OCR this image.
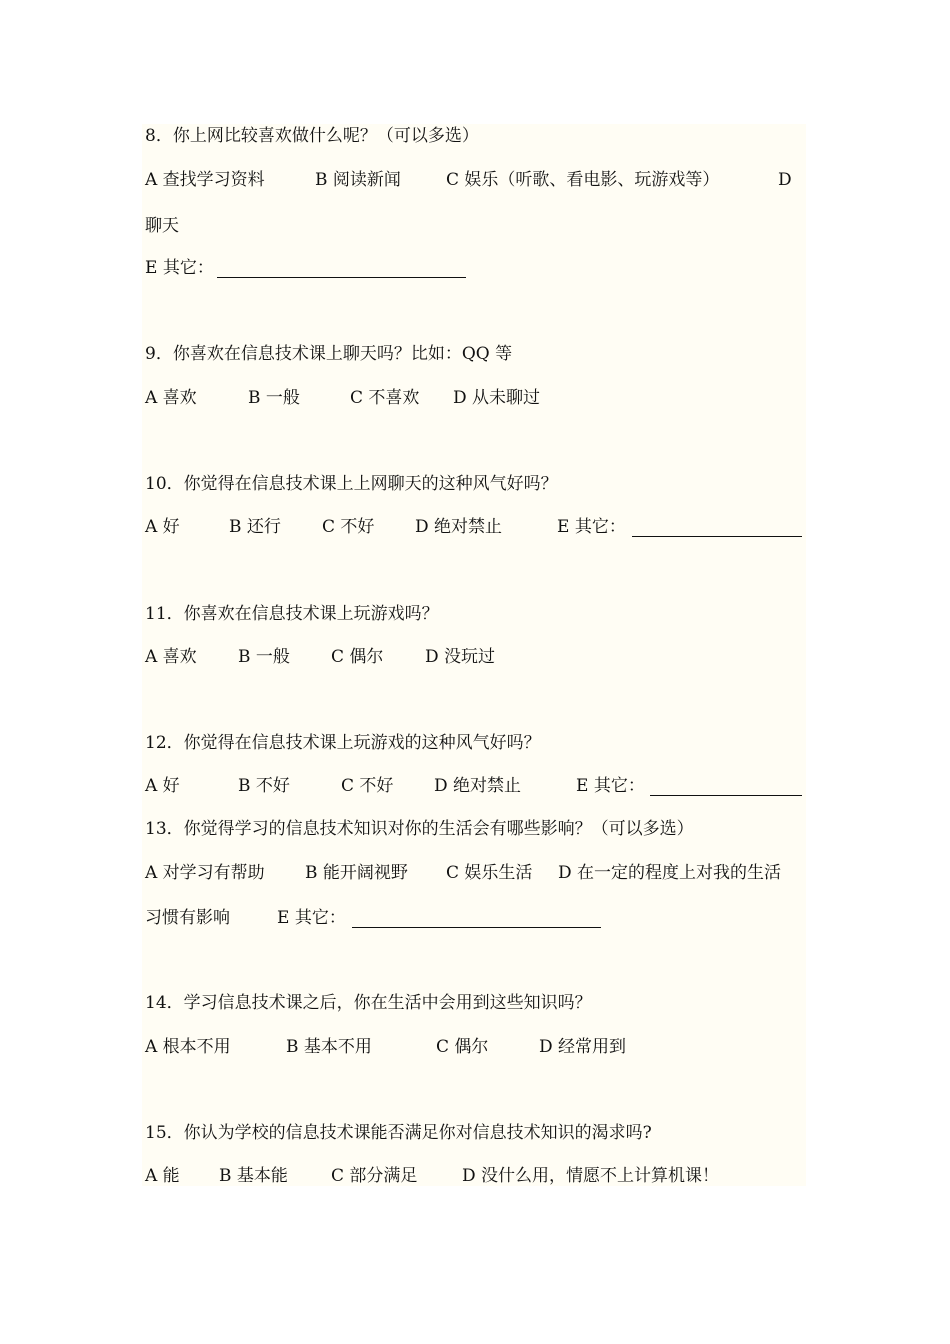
8．你上网比较喜欢做什么呢？（可以多选）
A 查找学习资料	B 阅读新闻	C 娱乐（听歌、看电影、玩游戏等）	D
聊天
E 其它：
9．你喜欢在信息技术课上聊天吗？比如：QQ 等
A 喜欢	B 一般	C 不喜欢 D 从未聊过
10．你觉得在信息技术课上上网聊天的这种风气好吗？
A 好	B 还行 C 不好 D 绝对禁止	E 其它：
11．你喜欢在信息技术课上玩游戏吗？
A 喜欢 B 一般 C 偶尔 D 没玩过
12．你觉得在信息技术课上玩游戏的这种风气好吗？
A 好	B 不好	C 不好 D 绝对禁止	E 其它：
13．你觉得学习的信息技术知识对你的生活会有哪些影响？（可以多选）
A 对学习有帮助 B 能开阔视野 C 娱乐生活 D 在一定的程度上对我的生活
习惯有影响	E 其它：
14．学习信息技术课之后，你在生活中会用到这些知识吗？
A 根本不用	B 基本不用	C 偶尔	D 经常用到
15．你认为学校的信息技术课能否满足你对信息技术知识的渴求吗?
A 能 B 基本能	C 部分满足	D 没什么用，情愿不上计算机课！
